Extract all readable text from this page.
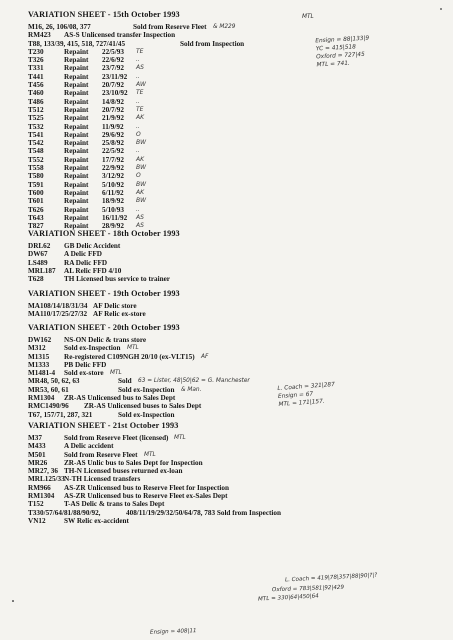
VARIATION SHEET - 15th October 1993
M16, 26, 106/08, 377	Sold from Reserve Fleet & M229
RM423 AS-S Unlicensed transfer Inspection
T88, 133/39, 415, 518, 727/41/45	Sold from Inspection
T230	Repaint 22/5/93 TE
T326	Repaint 22/6/92 ..
T331	Repaint 23/7/92 AS
T441	Repaint 23/11/92 ..
T456	Repaint 20/7/92 AW
T460	Repaint 23/10/92 TE
T486	Repaint 14/8/92 ..
T512	Repaint 20/7/92 TE
T525	Repaint 21/9/92 AK
T532	Repaint 11/9/92 ..
T541	Repaint 29/6/92 O
T542	Repaint 25/8/92 BW
T548	Repaint 22/5/92 ..
T552	Repaint 17/7/92 AK
T558	Repaint 22/9/92 BW
T580	Repaint 3/12/92 O
T591	Repaint 5/10/92 BW
T600	Repaint 6/11/92 AK
T601	Repaint 18/9/92 BW
T626	Repaint 5/10/93 ..
T643	Repaint 16/11/92 AS
T827	Repaint 28/9/92 AS
VARIATION SHEET - 18th October 1993
DRL62 GB Delic Accident
DW67 A Delic FFD
LS489 RA Delic FFD
MRL187 AL Relic FFD 4/10
T628	TH Licensed bus service to trainer
VARIATION SHEET - 19th October 1993
MA108/14/18/31/34 AF Delic store
MA110/17/25/27/32 AF Relic ex-store
VARIATION SHEET - 20th October 1993
DW162 NS-ON Delic & trans store
M312	Sold ex-Inspection MTL
M1315 Re-registered C109NGH 20/10 (ex-VLT15) AF
M1333 PB Delic FFD
M1481-4 Sold ex-store MTL
MR48, 50, 62, 63	Sold 63 = Lister, 48|50|62 = G. Manchester
MR53, 60, 61	Sold ex-Inspection & Man.
RM1304 ZR-AS Unlicensed bus to Sales Dept
RMC1490/96 ZR-AS Unlicensed buses to Sales Dept
T67, 157/71, 287, 321	Sold ex-Inspection
VARIATION SHEET - 21st October 1993
M37	Sold from Reserve Fleet (licensed) MTL
M433	A Delic accident
M501	Sold from Reserve Fleet MTL
MR26 ZR-AS Unlic bus to Sales Dept for Inspection
MR27, 36 TH-N Licensed buses returned ex-loan
MRL125/33 N-TH Licensed transfers
RM966 AS-ZR Unlicensed bus to Reserve Fleet for Inspection
RM1304 AS-ZR Unlicensed bus to Reserve Fleet ex-Sales Dept
T152	T-AS Delic & trans to Sales Dept
T330/57/64/81/88/90/92,	408/11/19/29/32/50/64/78, 783 Sold from Inspection
VN12	SW Relic ex-accident
Ensign = 88|133|9
YC = 415|518
Oxford = 727|45
MTL = 741.
MTL
L. Coach = 321|287
Ensign = 67
MTL = 171|157.
L. Coach = 419|78|357|88|90|?|?
Oxford = 783|581|92|429
MTL = 330|64|450|64
Ensign = 408|11
